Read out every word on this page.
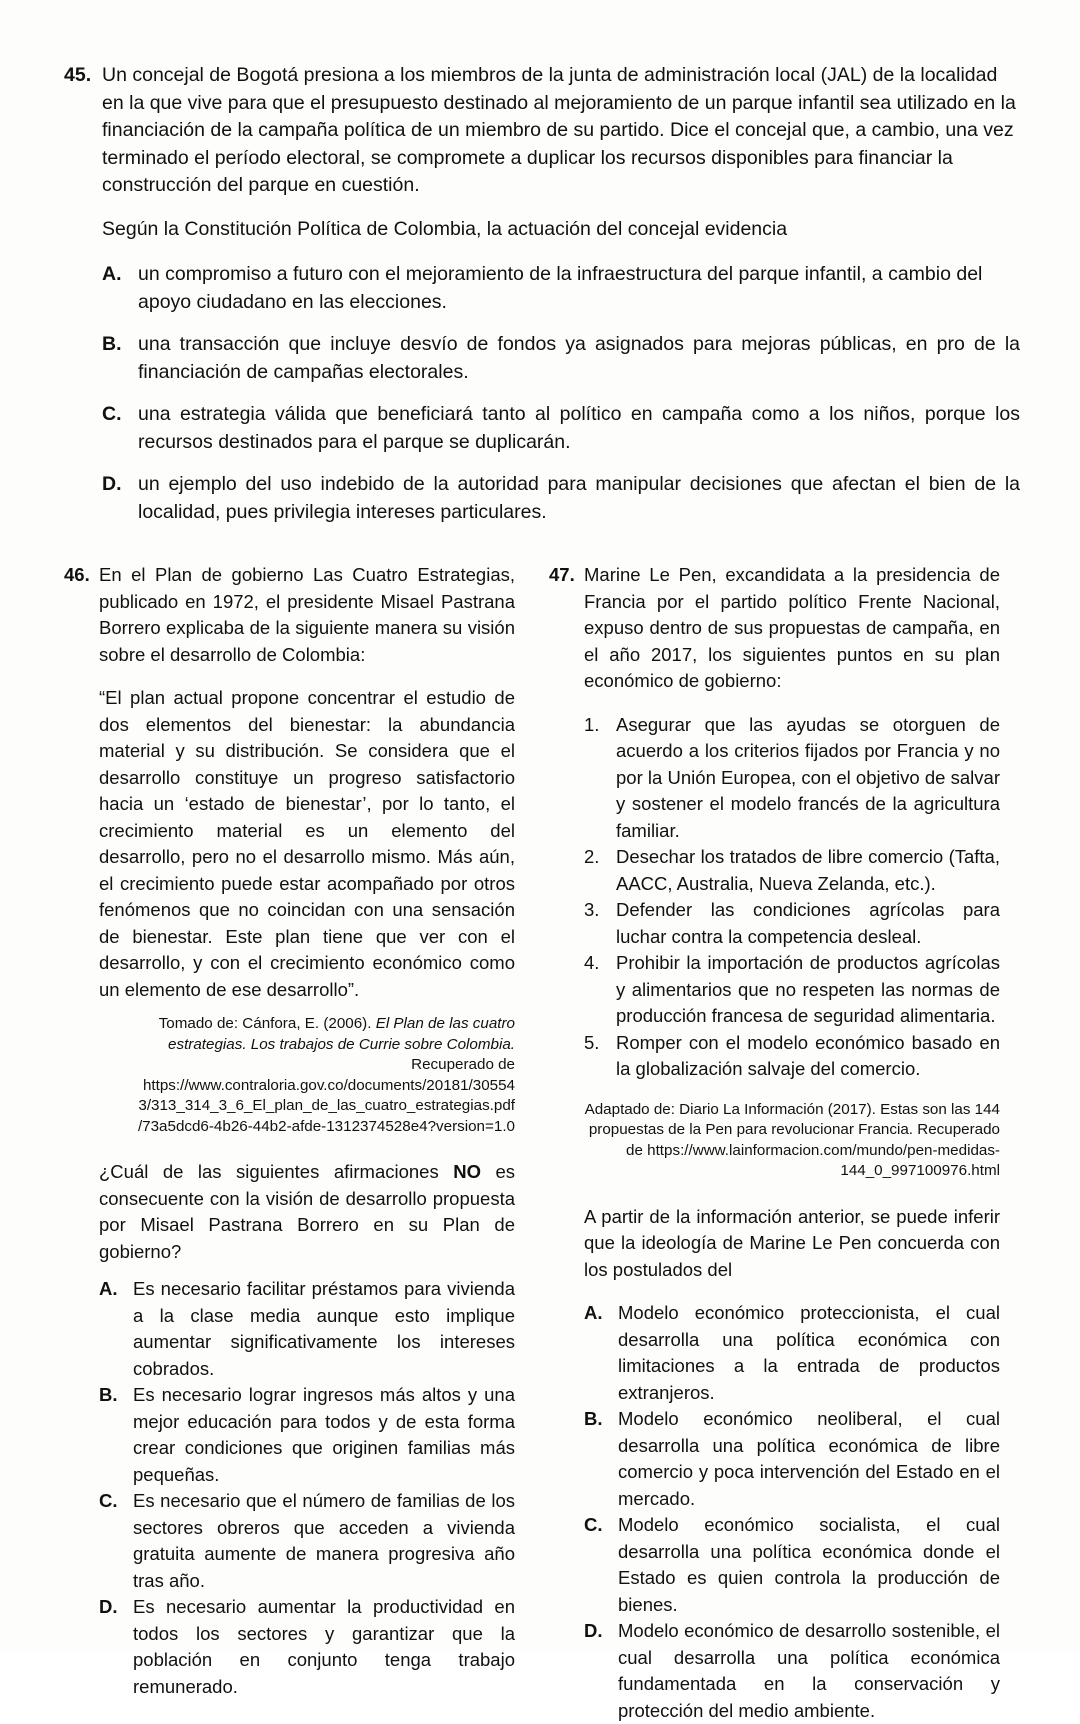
45. Un concejal de Bogotá presiona a los miembros de la junta de administración local (JAL) de la localidad en la que vive para que el presupuesto destinado al mejoramiento de un parque infantil sea utilizado en la financiación de la campaña política de un miembro de su partido. Dice el concejal que, a cambio, una vez terminado el período electoral, se compromete a duplicar los recursos disponibles para financiar la construcción del parque en cuestión.

Según la Constitución Política de Colombia, la actuación del concejal evidencia

A. un compromiso a futuro con el mejoramiento de la infraestructura del parque infantil, a cambio del apoyo ciudadano en las elecciones.
B. una transacción que incluye desvío de fondos ya asignados para mejoras públicas, en pro de la financiación de campañas electorales.
C. una estrategia válida que beneficiará tanto al político en campaña como a los niños, porque los recursos destinados para el parque se duplicarán.
D. un ejemplo del uso indebido de la autoridad para manipular decisiones que afectan el bien de la localidad, pues privilegia intereses particulares.
46. En el Plan de gobierno Las Cuatro Estrategias, publicado en 1972, el presidente Misael Pastrana Borrero explicaba de la siguiente manera su visión sobre el desarrollo de Colombia:
“El plan actual propone concentrar el estudio de dos elementos del bienestar: la abundancia material y su distribución. Se considera que el desarrollo constituye un progreso satisfactorio hacia un ‘estado de bienestar’, por lo tanto, el crecimiento material es un elemento del desarrollo, pero no el desarrollo mismo. Más aún, el crecimiento puede estar acompañado por otros fenómenos que no coincidan con una sensación de bienestar. Este plan tiene que ver con el desarrollo, y con el crecimiento económico como un elemento de ese desarrollo”.
Tomado de: Cánfora, E. (2006). El Plan de las cuatro estrategias. Los trabajos de Currie sobre Colombia. Recuperado de
https://www.contraloria.gov.co/documents/20181/30554
3/313_314_3_6_El_plan_de_las_cuatro_estrategias.pdf
/73a5dcd6-4b26-44b2-afde-1312374528e4?version=1.0
¿Cuál de las siguientes afirmaciones NO es consecuente con la visión de desarrollo propuesta por Misael Pastrana Borrero en su Plan de gobierno?
A. Es necesario facilitar préstamos para vivienda a la clase media aunque esto implique aumentar significativamente los intereses cobrados.
B. Es necesario lograr ingresos más altos y una mejor educación para todos y de esta forma crear condiciones que originen familias más pequeñas.
C. Es necesario que el número de familias de los sectores obreros que acceden a vivienda gratuita aumente de manera progresiva año tras año.
D. Es necesario aumentar la productividad en todos los sectores y garantizar que la población en conjunto tenga trabajo remunerado.
47. Marine Le Pen, excandidata a la presidencia de Francia por el partido político Frente Nacional, expuso dentro de sus propuestas de campaña, en el año 2017, los siguientes puntos en su plan económico de gobierno:
1. Asegurar que las ayudas se otorguen de acuerdo a los criterios fijados por Francia y no por la Unión Europea, con el objetivo de salvar y sostener el modelo francés de la agricultura familiar.
2. Desechar los tratados de libre comercio (Tafta, AACC, Australia, Nueva Zelanda, etc.).
3. Defender las condiciones agrícolas para luchar contra la competencia desleal.
4. Prohibir la importación de productos agrícolas y alimentarios que no respeten las normas de producción francesa de seguridad alimentaria.
5. Romper con el modelo económico basado en la globalización salvaje del comercio.
Adaptado de: Diario La Información (2017). Estas son las 144 propuestas de la Pen para revolucionar Francia. Recuperado de https://www.lainformacion.com/mundo/pen-medidas-144_0_997100976.html
A partir de la información anterior, se puede inferir que la ideología de Marine Le Pen concuerda con los postulados del
A. Modelo económico proteccionista, el cual desarrolla una política económica con limitaciones a la entrada de productos extranjeros.
B. Modelo económico neoliberal, el cual desarrolla una política económica de libre comercio y poca intervención del Estado en el mercado.
C. Modelo económico socialista, el cual desarrolla una política económica donde el Estado es quien controla la producción de bienes.
D. Modelo económico de desarrollo sostenible, el cual desarrolla una política económica fundamentada en la conservación y protección del medio ambiente.
